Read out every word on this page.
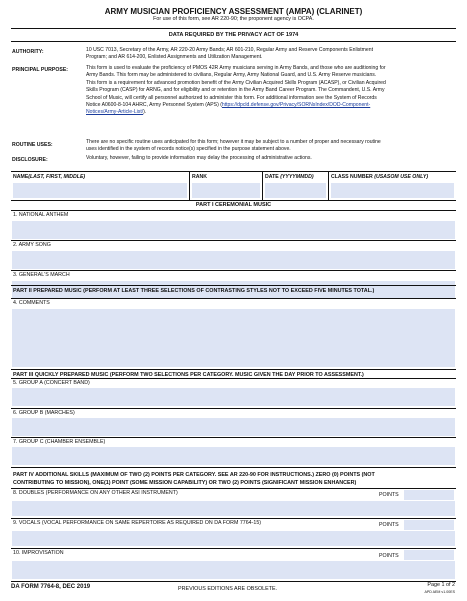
ARMY MUSICIAN PROFICIENCY ASSESSMENT (AMPA) (CLARINET)
For use of this form, see AR 220-90; the proponent agency is OCPA.
DATA REQUIRED BY THE PRIVACY ACT OF 1974
AUTHORITY:	10 USC 7013, Secretary of the Army, AR 220-20 Army Bands; AR 601-210, Regular Army and Reserve Components Enlistment
Program; and AR 614-200, Enlisted Assignments and Utilization Management.
PRINCIPAL PURPOSE:	This form is used to evaluate the proficiency of PMOS 42R Army musicians serving in Army Bands, and those who are auditioning for
Army Bands. This form may be administered to civilians, Regular Army, Army National Guard, and U.S. Army Reserve musicians.
This form is a requirement for advanced promotion benefit of the Army Civilian Acquired Skills Program (ACASP), or Civilian Acquired
Skills Program (CASP) for ARNG, and for eligibility and or retention in the Army Band Career Program. The Commandent, U.S. Army
School of Music, will certify all personnel authorized to administer this form. For additional information see the System of Records
Notice A0600-8-104 AHRC, Army Personnel System (APS) (https://dpcld.defense.gov/Privacy/SORNsIndex/DOD-Component-
Notices/Army-Article-List/).
ROUTINE USES:	There are no specific routine uses anticipated for this form; however it may be subject to a number of proper and necessary routine
uses identified in the system of records notice(s) specified in the purpose statement above.
DISCLOSURE:	Voluntary, however, failing to provide information may delay the processing of administrative actions.
NAME(LAST, FIRST, MIDDLE)	RANK	DATE (YYYYMMDD)	CLASS NUMBER (USASOM USE ONLY)
PART I CEREMONIAL MUSIC
1. NATIONAL ANTHEM
2. ARMY SONG
3. GENERAL'S MARCH
PART II PREPARED MUSIC (PERFORM AT LEAST THREE SELECTIONS OF CONTRASTING STYLES NOT TO EXCEED FIVE MINUTES TOTAL.)
4. COMMENTS
PART III QUICKLY PREPARED MUSIC (PERFORM TWO SELECTIONS PER CATEGORY. MUSIC GIVEN THE DAY PRIOR TO ASSESSMENT.)
5. GROUP A (CONCERT BAND)
6. GROUP B (MARCHES)
7. GROUP C (CHAMBER ENSEMBLE)
PART IV ADDITIONAL SKILLS (MAXIMUM OF TWO (2) POINTS PER CATEGORY. SEE AR 220-90 FOR INSTRUCTIONS.) ZERO (0) POINTS (NOT
CONTRIBUTING TO MISSION), ONE(1) POINT (SOME MISSION CAPABILITY) OR TWO (2) POINTS (SIGNIFICANT MISSION ENHANCER)
8. DOUBLES (PERFORMANCE ON ANY OTHER ASI INSTRUMENT)	POINTS
9. VOCALS (VOCAL PERFORMANCE ON SAME REPERTOIRE AS REQUIRED ON DA FORM 7764-15)	POINTS
10. IMPROVISATION	POINTS
DA FORM 7764-8, DEC 2019	PREVIOUS EDITIONS ARE OBSOLETE.
Page 1 of 2
APD AEM v1.00ES
